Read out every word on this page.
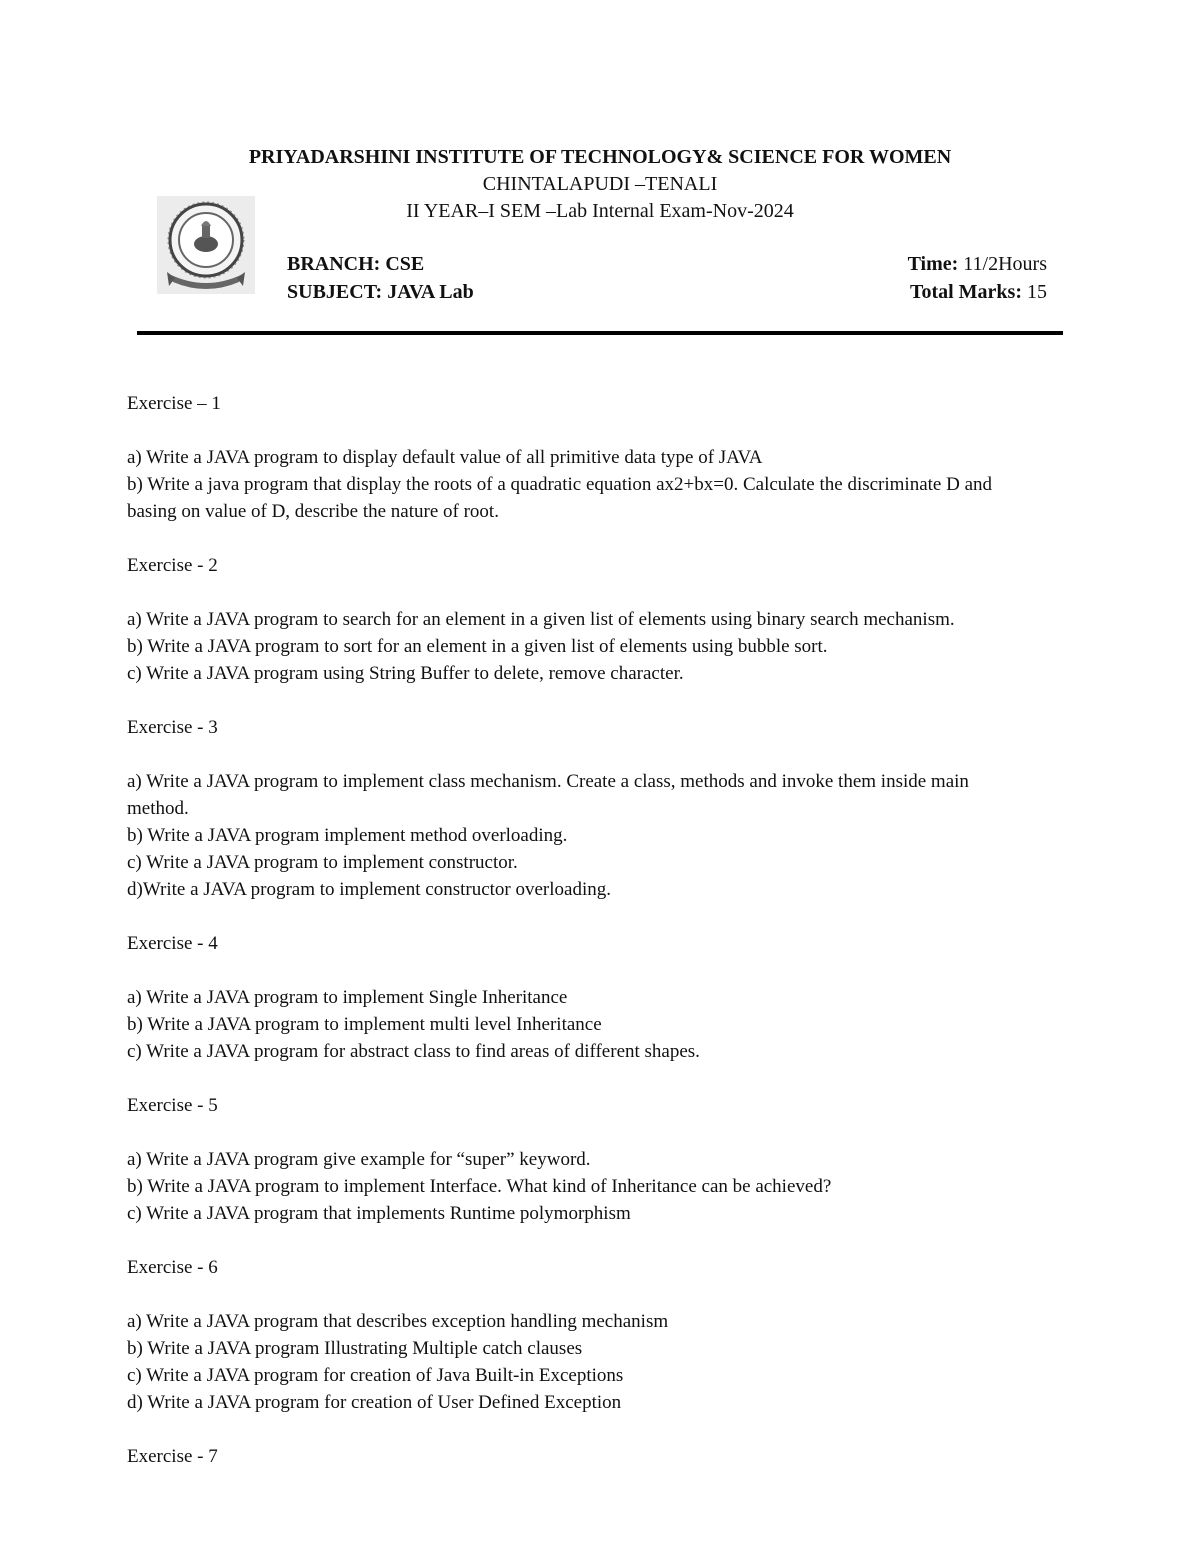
PRIYADARSHINI INSTITUTE OF TECHNOLOGY& SCIENCE FOR WOMEN
CHINTALAPUDI –TENALI
II YEAR–I SEM –Lab Internal Exam-Nov-2024
BRANCH: CSE
SUBJECT: JAVA Lab
Time: 11/2Hours
Total Marks: 15
Exercise – 1

a) Write a JAVA program to display default value of all primitive data type of JAVA

b) Write a java program that display the roots of a quadratic equation ax2+bx=0. Calculate the discriminate D and basing on value of D, describe the nature of root.

Exercise - 2

a) Write a JAVA program to search for an element in a given list of elements using binary search mechanism.

b) Write a JAVA program to sort for an element in a given list of elements using bubble sort.

c) Write a JAVA program using String Buffer to delete, remove character.

Exercise - 3

a) Write a JAVA program to implement class mechanism. Create a class, methods and invoke them inside main method.

b) Write a JAVA program implement method overloading.

c) Write a JAVA program to implement constructor.

d)Write a JAVA program to implement constructor overloading.

Exercise - 4

a) Write a JAVA program to implement Single Inheritance

b) Write a JAVA program to implement multi level Inheritance

c) Write a JAVA program for abstract class to find areas of different shapes.

Exercise - 5

a) Write a JAVA program give example for “super” keyword.

b) Write a JAVA program to implement Interface. What kind of Inheritance can be achieved?

c) Write a JAVA program that implements Runtime polymorphism

Exercise - 6

a) Write a JAVA program that describes exception handling mechanism

b) Write a JAVA program Illustrating Multiple catch clauses

c) Write a JAVA program for creation of Java Built-in Exceptions

d) Write a JAVA program for creation of User Defined Exception

Exercise - 7
